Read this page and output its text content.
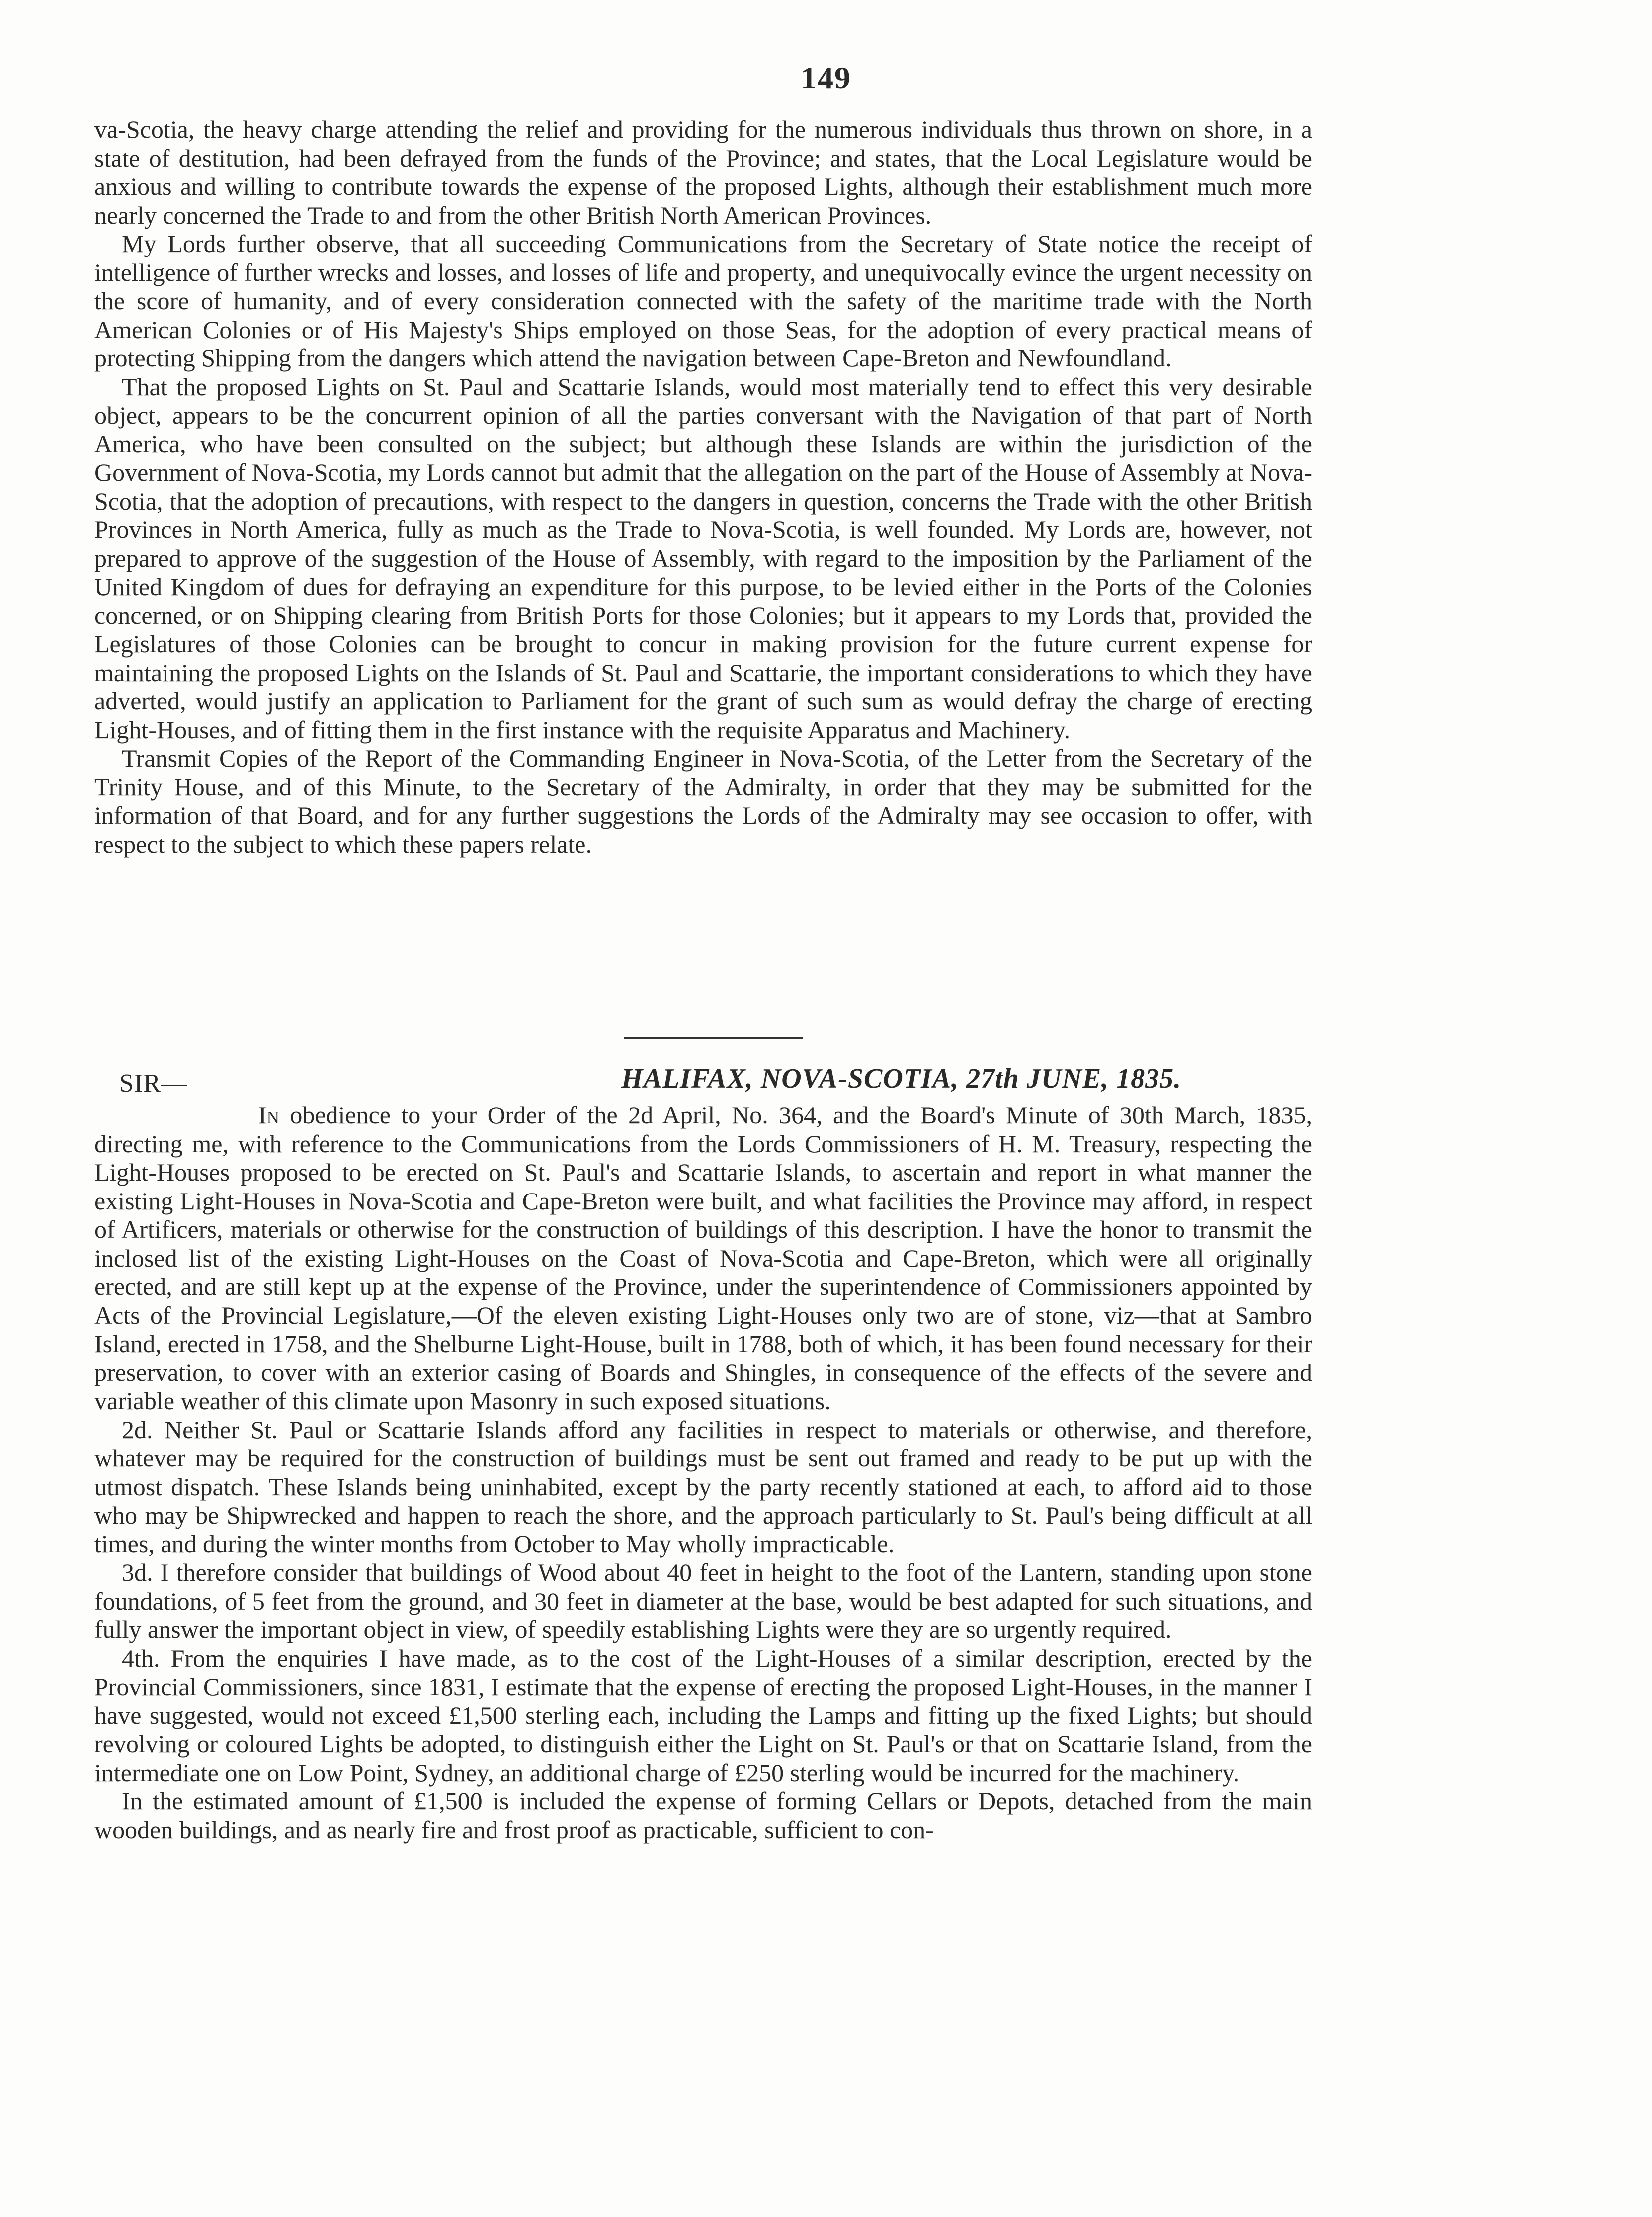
149

va-Scotia, the heavy charge attending the relief and providing for the numerous individuals thus thrown on shore, in a state of destitution, had been defrayed from the funds of the Province; and states, that the Local Legislature would be anxious and willing to contribute towards the expense of the proposed Lights, although their establishment much more nearly concerned the Trade to and from the other British North American Provinces.

My Lords further observe, that all succeeding Communications from the Secretary of State notice the receipt of intelligence of further wrecks and losses, and losses of life and property, and unequivocally evince the urgent necessity on the score of humanity, and of every consideration connected with the safety of the maritime trade with the North American Colonies or of His Majesty's Ships employed on those Seas, for the adoption of every practical means of protecting Shipping from the dangers which attend the navigation between Cape-Breton and Newfoundland.

That the proposed Lights on St. Paul and Scattarie Islands, would most materially tend to effect this very desirable object, appears to be the concurrent opinion of all the parties conversant with the Navigation of that part of North America, who have been consulted on the subject; but although these Islands are within the jurisdiction of the Government of Nova-Scotia, my Lords cannot but admit that the allegation on the part of the House of Assembly at Nova-Scotia, that the adoption of precautions, with respect to the dangers in question, concerns the Trade with the other British Provinces in North America, fully as much as the Trade to Nova-Scotia, is well founded. My Lords are, however, not prepared to approve of the suggestion of the House of Assembly, with regard to the imposition by the Parliament of the United Kingdom of dues for defraying an expenditure for this purpose, to be levied either in the Ports of the Colonies concerned, or on Shipping clearing from British Ports for those Colonies; but it appears to my Lords that, provided the Legislatures of those Colonies can be brought to concur in making provision for the future current expense for maintaining the proposed Lights on the Islands of St. Paul and Scattarie, the important considerations to which they have adverted, would justify an application to Parliament for the grant of such sum as would defray the charge of erecting Light-Houses, and of fitting them in the first instance with the requisite Apparatus and Machinery.

Transmit Copies of the Report of the Commanding Engineer in Nova-Scotia, of the Letter from the Secretary of the Trinity House, and of this Minute, to the Secretary of the Admiralty, in order that they may be submitted for the information of that Board, and for any further suggestions the Lords of the Admiralty may see occasion to offer, with respect to the subject to which these papers relate.

SIR—	HALIFAX, NOVA-SCOTIA, 27th JUNE, 1835.

In obedience to your Order of the 2d April, No. 364, and the Board's Minute of 30th March, 1835, directing me, with reference to the Communications from the Lords Commissioners of H. M. Treasury, respecting the Light-Houses proposed to be erected on St. Paul's and Scattarie Islands, to ascertain and report in what manner the existing Light-Houses in Nova-Scotia and Cape-Breton were built, and what facilities the Province may afford, in respect of Artificers, materials or otherwise for the construction of buildings of this description. I have the honor to transmit the inclosed list of the existing Light-Houses on the Coast of Nova-Scotia and Cape-Breton, which were all originally erected, and are still kept up at the expense of the Province, under the superintendence of Commissioners appointed by Acts of the Provincial Legislature,—Of the eleven existing Light-Houses only two are of stone, viz—that at Sambro Island, erected in 1758, and the Shelburne Light-House, built in 1788, both of which, it has been found necessary for their preservation, to cover with an exterior casing of Boards and Shingles, in consequence of the effects of the severe and variable weather of this climate upon Masonry in such exposed situations.

2d. Neither St. Paul or Scattarie Islands afford any facilities in respect to materials or otherwise, and therefore, whatever may be required for the construction of buildings must be sent out framed and ready to be put up with the utmost dispatch. These Islands being uninhabited, except by the party recently stationed at each, to afford aid to those who may be Shipwrecked and happen to reach the shore, and the approach particularly to St. Paul's being difficult at all times, and during the winter months from October to May wholly impracticable.

3d. I therefore consider that buildings of Wood about 40 feet in height to the foot of the Lantern, standing upon stone foundations, of 5 feet from the ground, and 30 feet in diameter at the base, would be best adapted for such situations, and fully answer the important object in view, of speedily establishing Lights were they are so urgently required.

4th. From the enquiries I have made, as to the cost of the Light-Houses of a similar description, erected by the Provincial Commissioners, since 1831, I estimate that the expense of erecting the proposed Light-Houses, in the manner I have suggested, would not exceed £1,500 sterling each, including the Lamps and fitting up the fixed Lights; but should revolving or coloured Lights be adopted, to distinguish either the Light on St. Paul's or that on Scattarie Island, from the intermediate one on Low Point, Sydney, an additional charge of £250 sterling would be incurred for the machinery.

In the estimated amount of £1,500 is included the expense of forming Cellars or Depots, detached from the main wooden buildings, and as nearly fire and frost proof as practicable, sufficient to con-
